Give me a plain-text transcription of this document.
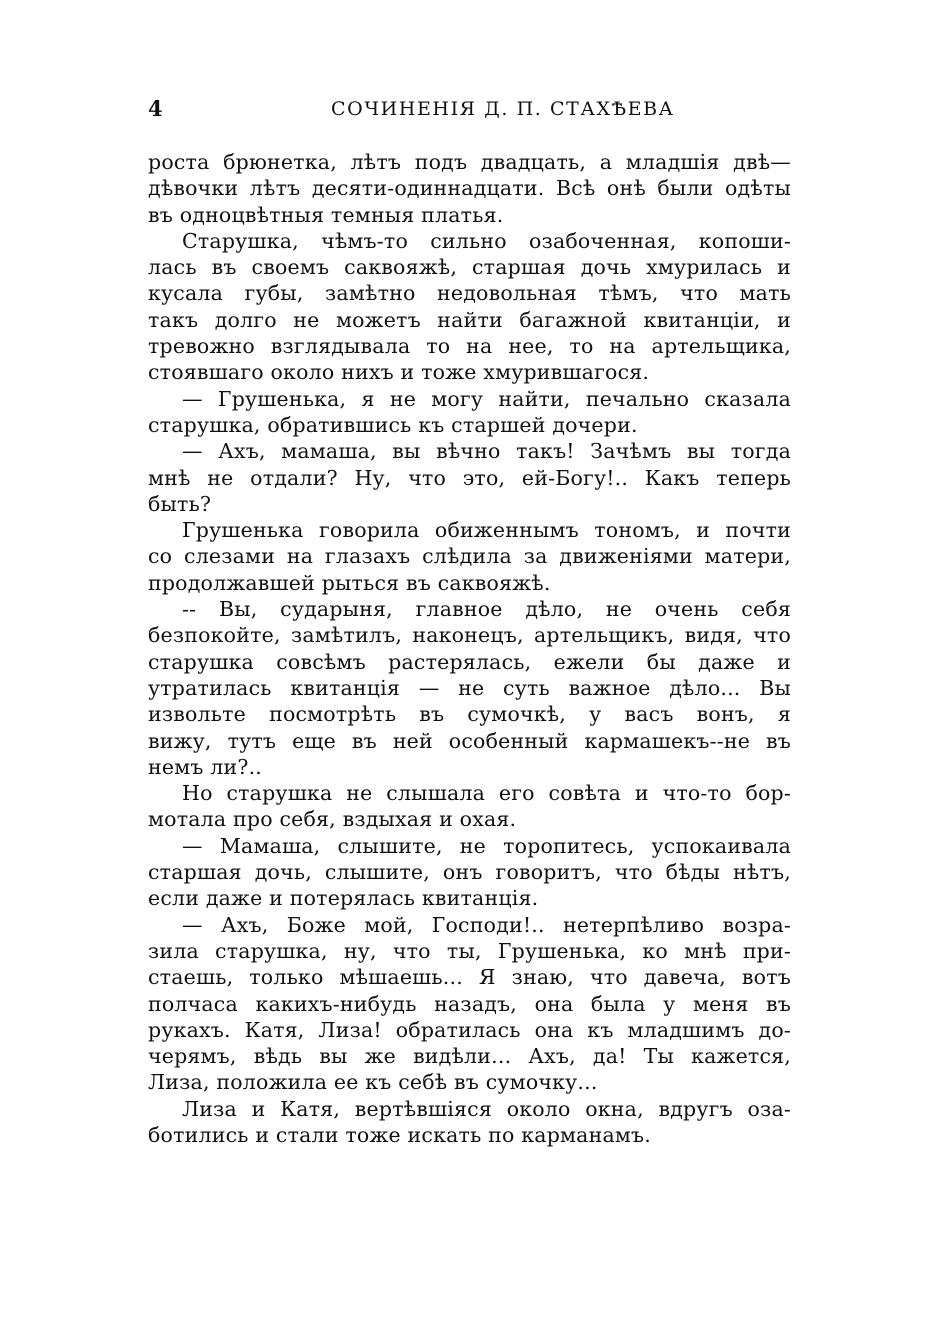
4	СОЧИНЕНІЯ Д. П. СТАХѢЕВА
роста брюнетка, лѣтъ подъ двадцать, а младшія двѣ—
дѣвочки лѣтъ десяти-одиннадцати. Всѣ онѣ были одѣты
въ одноцвѣтныя темныя платья.
Старушка, чѣмъ-то сильно озабоченная, копоши-
лась въ своемъ саквояжѣ, старшая дочь хмурилась и
кусала губы, замѣтно недовольная тѣмъ, что мать
такъ долго не можетъ найти багажной квитанціи, и
тревожно взглядывала то на нее, то на артельщика,
стоявшаго около нихъ и тоже хмурившагося.
— Грушенька, я не могу найти, печально сказала
старушка, обратившись къ старшей дочери.
— Ахъ, мамаша, вы вѣчно такъ! Зачѣмъ вы тогда
мнѣ не отдали? Ну, что это, ей-Богу!.. Какъ теперь
быть?
Грушенька говорила обиженнымъ тономъ, и почти
со слезами на глазахъ слѣдила за движеніями матери,
продолжавшей рыться въ саквояжѣ.
-- Вы, сударыня, главное дѣло, не очень себя
безпокойте, замѣтилъ, наконецъ, артельщикъ, видя, что
старушка совсѣмъ растерялась, ежели бы даже и
утратилась квитанція — не суть важное дѣло... Вы
извольте посмотрѣть въ сумочкѣ, у васъ вонъ, я
вижу, тутъ еще въ ней особенный кармашекъ--не въ
немъ ли?..
Но старушка не слышала его совѣта и что-то бор-
мотала про себя, вздыхая и охая.
— Мамаша, слышите, не торопитесь, успокаивала
старшая дочь, слышите, онъ говоритъ, что бѣды нѣтъ,
если даже и потерялась квитанція.
— Ахъ, Боже мой, Господи!.. нетерпѣливо возра-
зила старушка, ну, что ты, Грушенька, ко мнѣ при-
стаешь, только мѣшаешь... Я знаю, что давеча, вотъ
полчаса какихъ-нибудь назадъ, она была у меня въ
рукахъ. Катя, Лиза! обратилась она къ младшимъ до-
черямъ, вѣдь вы же видѣли... Ахъ, да! Ты кажется,
Лиза, положила ее къ себѣ въ сумочку...
Лиза и Катя, вертѣвшіяся около окна, вдругъ оза-
ботились и стали тоже искать по карманамъ.
